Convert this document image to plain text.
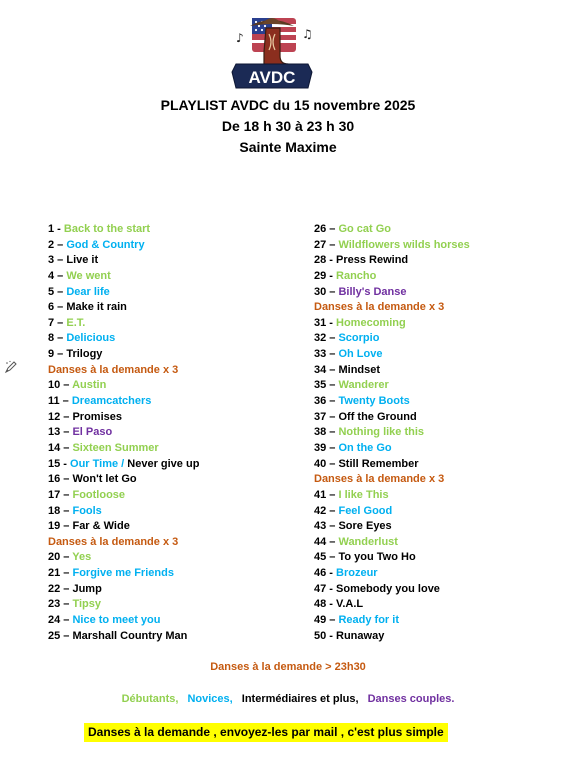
♪	♫
AVDC
PLAYLIST AVDC du 15 novembre 2025
De 18 h 30 à 23 h 30
Sainte Maxime
1 - Back to the start
2 – God & Country
3 – Live it
4 – We went
5 – Dear life
6 – Make it rain
7 – E.T.
8 – Delicious
9 – Trilogy
Danses à la demande x 3
10 – Austin
11 – Dreamcatchers
12 – Promises
13 – El Paso
14 – Sixteen Summer
15 - Our Time / Never give up
16 – Won't let Go
17 – Footloose
18 – Fools
19 – Far & Wide
Danses à la demande x 3
20 – Yes
21 – Forgive me Friends
22 – Jump
23 – Tipsy
24 – Nice to meet you
25 – Marshall Country Man
26 – Go cat Go
27 – Wildflowers wilds horses
28 - Press Rewind
29 - Rancho
30 – Billy's Danse
Danses à la demande x 3
31 - Homecoming
32 – Scorpio
33 – Oh Love
34 – Mindset
35 – Wanderer
36 – Twenty Boots
37 – Off the Ground
38 – Nothing like this
39 – On the Go
40 – Still Remember
Danses à la demande x 3
41 – I like This
42 – Feel Good
43 – Sore Eyes
44 – Wanderlust
45 – To you Two Ho
46 - Brozeur
47 - Somebody you love
48 - V.A.L
49 – Ready for it
50 - Runaway
Danses à la demande > 23h30
Débutants, Novices, Intermédiaires et plus, Danses couples.
Danses à la demande , envoyez-les par mail , c'est plus simple
